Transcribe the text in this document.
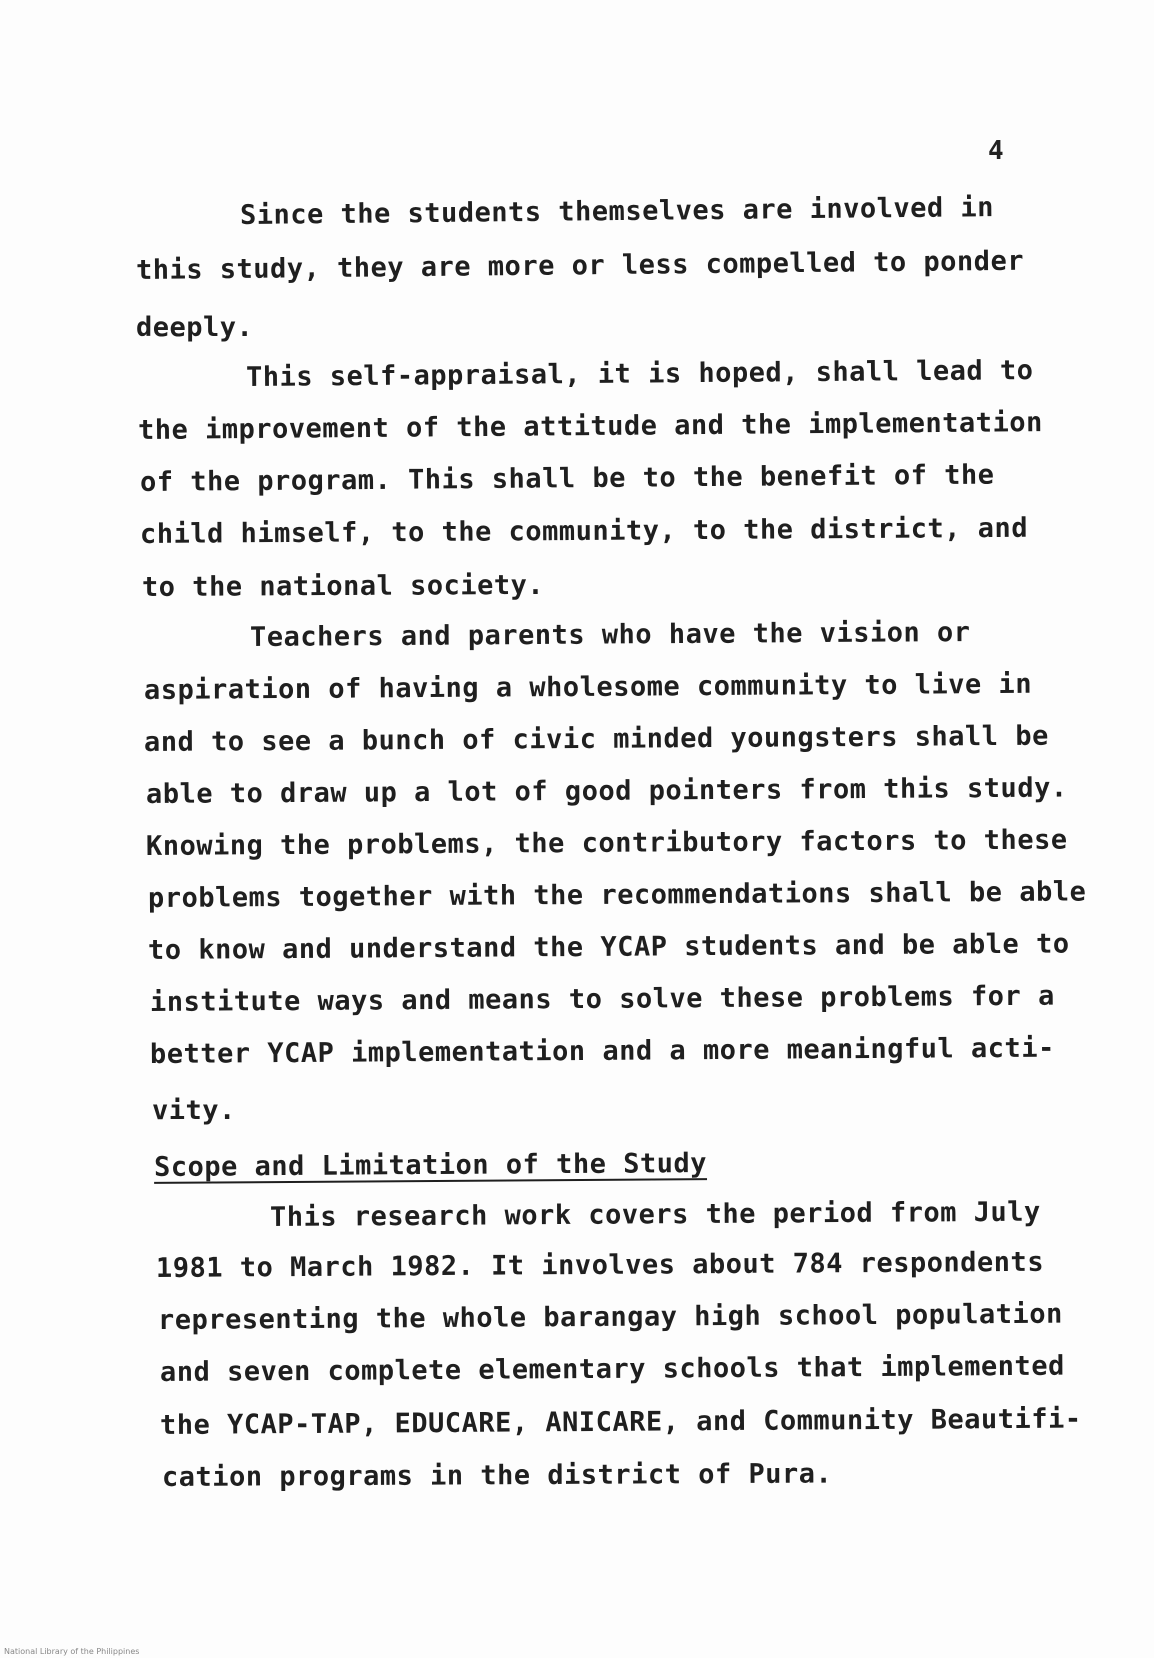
4
Since the students themselves are involved in
this study, they are more or less compelled to ponder
deeply.
This self-appraisal, it is hoped, shall lead to
the improvement of the attitude and the implementation
of the program. This shall be to the benefit of the
child himself, to the community, to the district, and
to the national society.
Teachers and parents who have the vision or
aspiration of having a wholesome community to live in
and to see a bunch of civic minded youngsters shall be
able to draw up a lot of good pointers from this study.
Knowing the problems, the contributory factors to these
problems together with the recommendations shall be able
to know and understand the YCAP students and be able to
institute ways and means to solve these problems for a
better YCAP implementation and a more meaningful acti-
vity.
Scope and Limitation of the Study
This research work covers the period from July
1981 to March 1982. It involves about 784 respondents
representing the whole barangay high school population
and seven complete elementary schools that implemented
the YCAP-TAP, EDUCARE, ANICARE, and Community Beautifi-
cation programs in the district of Pura.
National Library of the Philippines
